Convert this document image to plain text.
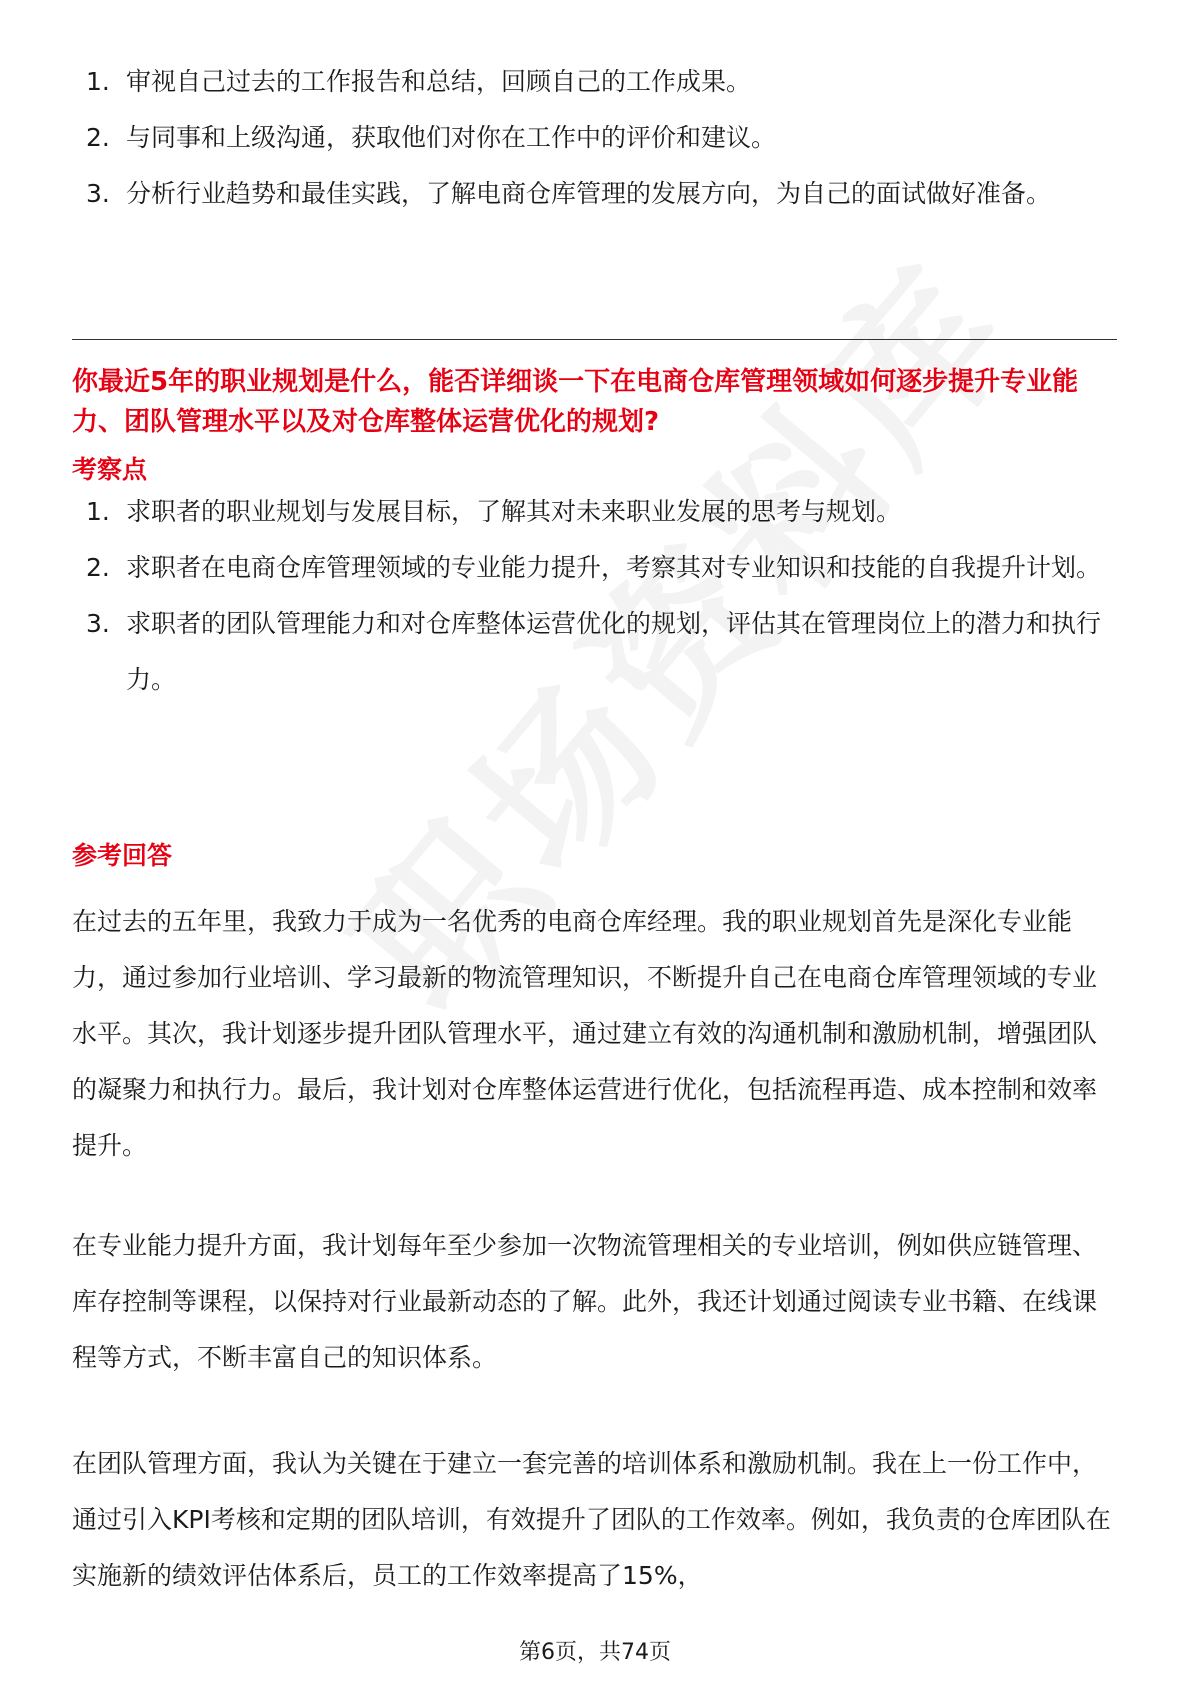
1. 审视自己过去的工作报告和总结，回顾自己的工作成果。
2. 与同事和上级沟通，获取他们对你在工作中的评价和建议。
3. 分析行业趋势和最佳实践，了解电商仓库管理的发展方向，为自己的面试做好准备。
你最近5年的职业规划是什么，能否详细谈一下在电商仓库管理领域如何逐步提升专业能力、团队管理水平以及对仓库整体运营优化的规划?
考察点
1. 求职者的职业规划与发展目标，了解其对未来职业发展的思考与规划。
2. 求职者在电商仓库管理领域的专业能力提升，考察其对专业知识和技能的自我提升计划。
3. 求职者的团队管理能力和对仓库整体运营优化的规划，评估其在管理岗位上的潜力和执行力。
参考回答

在过去的五年里，我致力于成为一名优秀的电商仓库经理。我的职业规划首先是深化专业能力，通过参加行业培训、学习最新的物流管理知识，不断提升自己在电商仓库管理领域的专业水平。其次，我计划逐步提升团队管理水平，通过建立有效的沟通机制和激励机制，增强团队的凝聚力和执行力。最后，我计划对仓库整体运营进行优化，包括流程再造、成本控制和效率提升。

在专业能力提升方面，我计划每年至少参加一次物流管理相关的专业培训，例如供应链管理、库存控制等课程，以保持对行业最新动态的了解。此外，我还计划通过阅读专业书籍、在线课程等方式，不断丰富自己的知识体系。

在团队管理方面，我认为关键在于建立一套完善的培训体系和激励机制。我在上一份工作中，通过引入KPI考核和定期的团队培训，有效提升了团队的工作效率。例如，我负责的仓库团队在实施新的绩效评估体系后，员工的工作效率提高了15%，

第6页，共74页
